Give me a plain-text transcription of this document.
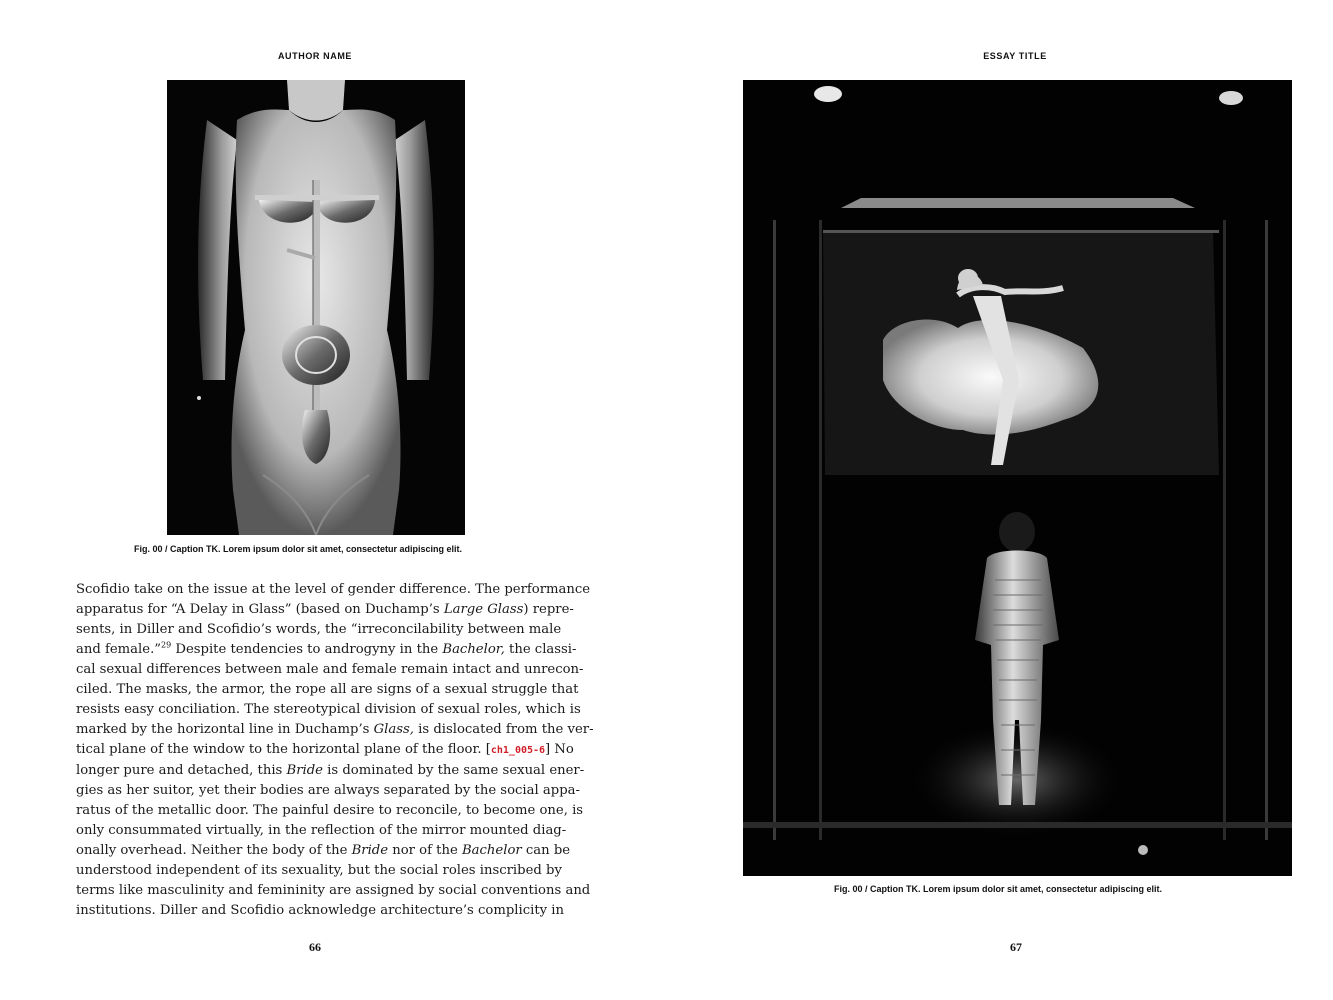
AUTHOR NAME
Fig. 00 / Caption TK. Lorem ipsum dolor sit amet, consectetur adipiscing elit.
Scofidio take on the issue at the level of gender difference. The performance
apparatus for “A Delay in Glass” (based on Duchamp’s Large Glass) repre-
sents, in Diller and Scofidio’s words, the “irreconcilability between male
and female.”$^{29}$ Despite tendencies to androgyny in the Bachelor, the classi-
cal sexual differences between male and female remain intact and unrecon-
ciled. The masks, the armor, the rope all are signs of a sexual struggle that
resists easy conciliation. The stereotypical division of sexual roles, which is
marked by the horizontal line in Duchamp’s Glass, is dislocated from the ver-
tical plane of the window to the horizontal plane of the floor. [ch1_005-6] No
longer pure and detached, this Bride is dominated by the same sexual ener-
gies as her suitor, yet their bodies are always separated by the social appa-
ratus of the metallic door. The painful desire to reconcile, to become one, is
only consummated virtually, in the reflection of the mirror mounted diag-
onally overhead. Neither the body of the Bride nor of the Bachelor can be
understood independent of its sexuality, but the social roles inscribed by
terms like masculinity and femininity are assigned by social conventions and
institutions. Diller and Scofidio acknowledge architecture’s complicity in
66
ESSAY TITLE
Fig. 00 / Caption TK. Lorem ipsum dolor sit amet, consectetur adipiscing elit.
67
